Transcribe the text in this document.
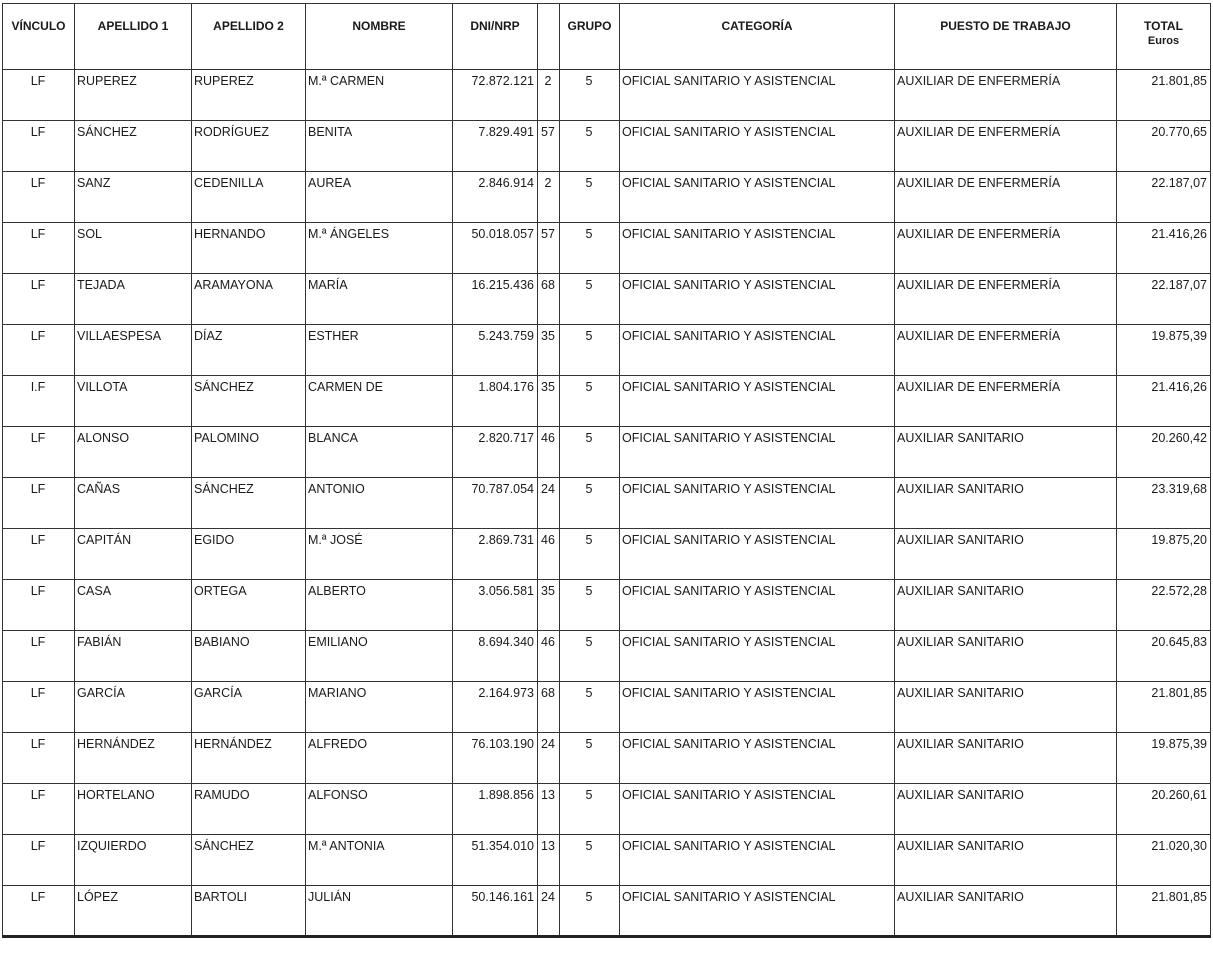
VÍNCULO	APELLIDO 1	APELLIDO 2	NOMBRE	DNI/NRP		GRUPO	CATEGORÍA	PUESTO DE TRABAJO	TOTAL
Euros

LF	RUPEREZ	RUPEREZ	M.ª CARMEN	72.872.121	2	5	OFICIAL SANITARIO Y ASISTENCIAL	AUXILIAR DE ENFERMERÍA	21.801,85
LF	SÁNCHEZ	RODRÍGUEZ	BENITA	7.829.491	57	5	OFICIAL SANITARIO Y ASISTENCIAL	AUXILIAR DE ENFERMERÍA	20.770,65
LF	SANZ	CEDENILLA	AUREA	2.846.914	2	5	OFICIAL SANITARIO Y ASISTENCIAL	AUXILIAR DE ENFERMERÍA	22.187,07
LF	SOL	HERNANDO	M.ª ÁNGELES	50.018.057	57	5	OFICIAL SANITARIO Y ASISTENCIAL	AUXILIAR DE ENFERMERÍA	21.416,26
LF	TEJADA	ARAMAYONA	MARÍA	16.215.436	68	5	OFICIAL SANITARIO Y ASISTENCIAL	AUXILIAR DE ENFERMERÍA	22.187,07
LF	VILLAESPESA	DÍAZ	ESTHER	5.243.759	35	5	OFICIAL SANITARIO Y ASISTENCIAL	AUXILIAR DE ENFERMERÍA	19.875,39
I.F	VILLOTA	SÁNCHEZ	CARMEN DE	1.804.176	35	5	OFICIAL SANITARIO Y ASISTENCIAL	AUXILIAR DE ENFERMERÍA	21.416,26
LF	ALONSO	PALOMINO	BLANCA	2.820.717	46	5	OFICIAL SANITARIO Y ASISTENCIAL	AUXILIAR SANITARIO	20.260,42
LF	CAÑAS	SÁNCHEZ	ANTONIO	70.787.054	24	5	OFICIAL SANITARIO Y ASISTENCIAL	AUXILIAR SANITARIO	23.319,68
LF	CAPITÁN	EGIDO	M.ª JOSÉ	2.869.731	46	5	OFICIAL SANITARIO Y ASISTENCIAL	AUXILIAR SANITARIO	19.875,20
LF	CASA	ORTEGA	ALBERTO	3.056.581	35	5	OFICIAL SANITARIO Y ASISTENCIAL	AUXILIAR SANITARIO	22.572,28
LF	FABIÁN	BABIANO	EMILIANO	8.694.340	46	5	OFICIAL SANITARIO Y ASISTENCIAL	AUXILIAR SANITARIO	20.645,83
LF	GARCÍA	GARCÍA	MARIANO	2.164.973	68	5	OFICIAL SANITARIO Y ASISTENCIAL	AUXILIAR SANITARIO	21.801,85
LF	HERNÁNDEZ	HERNÁNDEZ	ALFREDO	76.103.190	24	5	OFICIAL SANITARIO Y ASISTENCIAL	AUXILIAR SANITARIO	19.875,39
LF	HORTELANO	RAMUDO	ALFONSO	1.898.856	13	5	OFICIAL SANITARIO Y ASISTENCIAL	AUXILIAR SANITARIO	20.260,61
LF	IZQUIERDO	SÁNCHEZ	M.ª ANTONIA	51.354.010	13	5	OFICIAL SANITARIO Y ASISTENCIAL	AUXILIAR SANITARIO	21.020,30
LF	LÓPEZ	BARTOLI	JULIÁN	50.146.161	24	5	OFICIAL SANITARIO Y ASISTENCIAL	AUXILIAR SANITARIO	21.801,85
